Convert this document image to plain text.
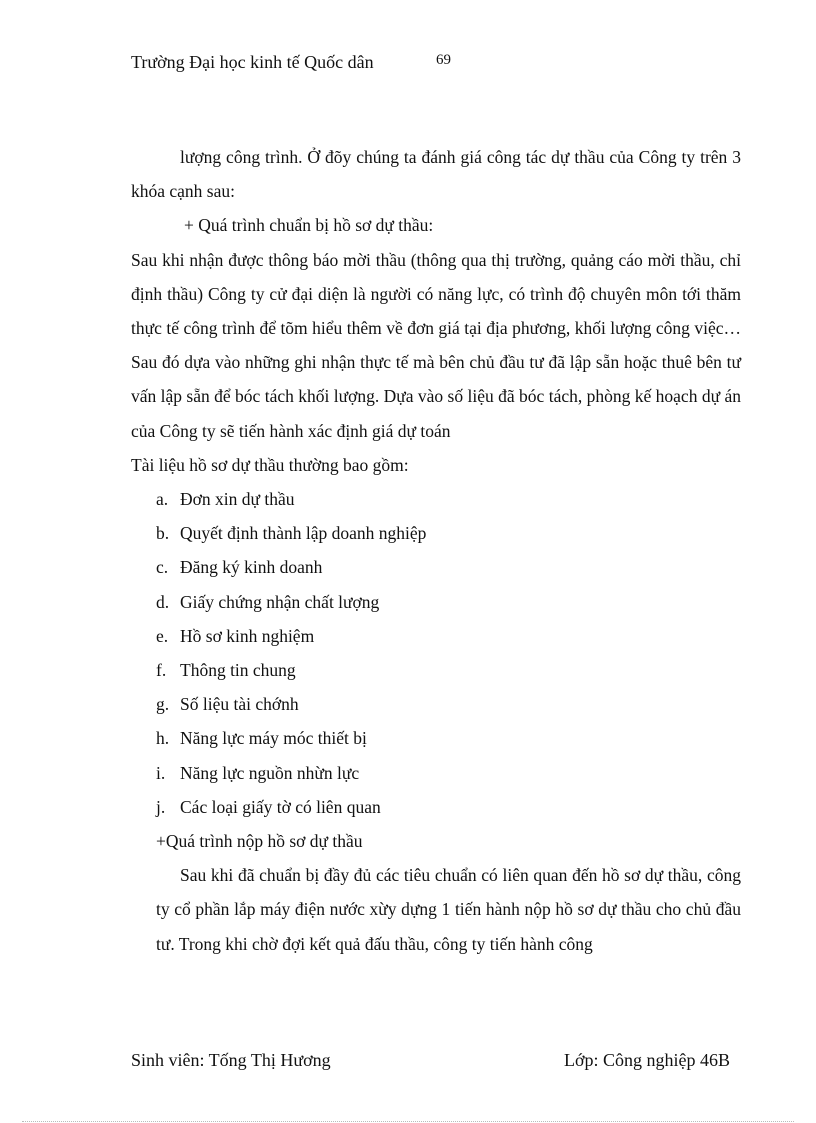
Trường Đại học kinh tế Quốc dân	69

lượng công trình. Ở đõy chúng ta đánh giá công tác dự thầu của Công ty trên 3 khóa cạnh sau:

+ Quá trình chuẩn bị hồ sơ dự thầu:

Sau khi nhận được thông báo mời thầu (thông qua thị trường, quảng cáo mời thầu, chỉ định thầu) Công ty cử đại diện là người có năng lực, có trình độ chuyên môn tới thăm thực tế công trình để tõm hiểu thêm về đơn giá tại địa phương, khối lượng công việc…Sau đó dựa vào những ghi nhận thực tế mà bên chủ đầu tư đã lập sẵn hoặc thuê bên tư vấn lập sẵn để bóc tách khối lượng. Dựa vào số liệu đã bóc tách, phòng kế hoạch dự án của Công ty sẽ tiến hành xác định giá dự toán

Tài liệu hồ sơ dự thầu thường bao gồm:

a. Đơn xin dự thầu
b. Quyết định thành lập doanh nghiệp
c. Đăng ký kinh doanh
d. Giấy chứng nhận chất lượng
e. Hồ sơ kinh nghiệm
f. Thông tin chung
g. Số liệu tài chớnh
h. Năng lực máy móc thiết bị
i. Năng lực nguồn nhừn lực
j. Các loại giấy tờ có liên quan

+Quá trình nộp hồ sơ dự thầu

Sau khi đã chuẩn bị đầy đủ các tiêu chuẩn có liên quan đến hồ sơ dự thầu, công ty cổ phần lắp máy điện nước xừy dựng 1 tiến hành nộp hồ sơ dự thầu cho chủ đầu tư. Trong khi chờ đợi kết quả đấu thầu, công ty tiến hành công

Sinh viên: Tống Thị Hương	Lớp: Công nghiệp 46B
